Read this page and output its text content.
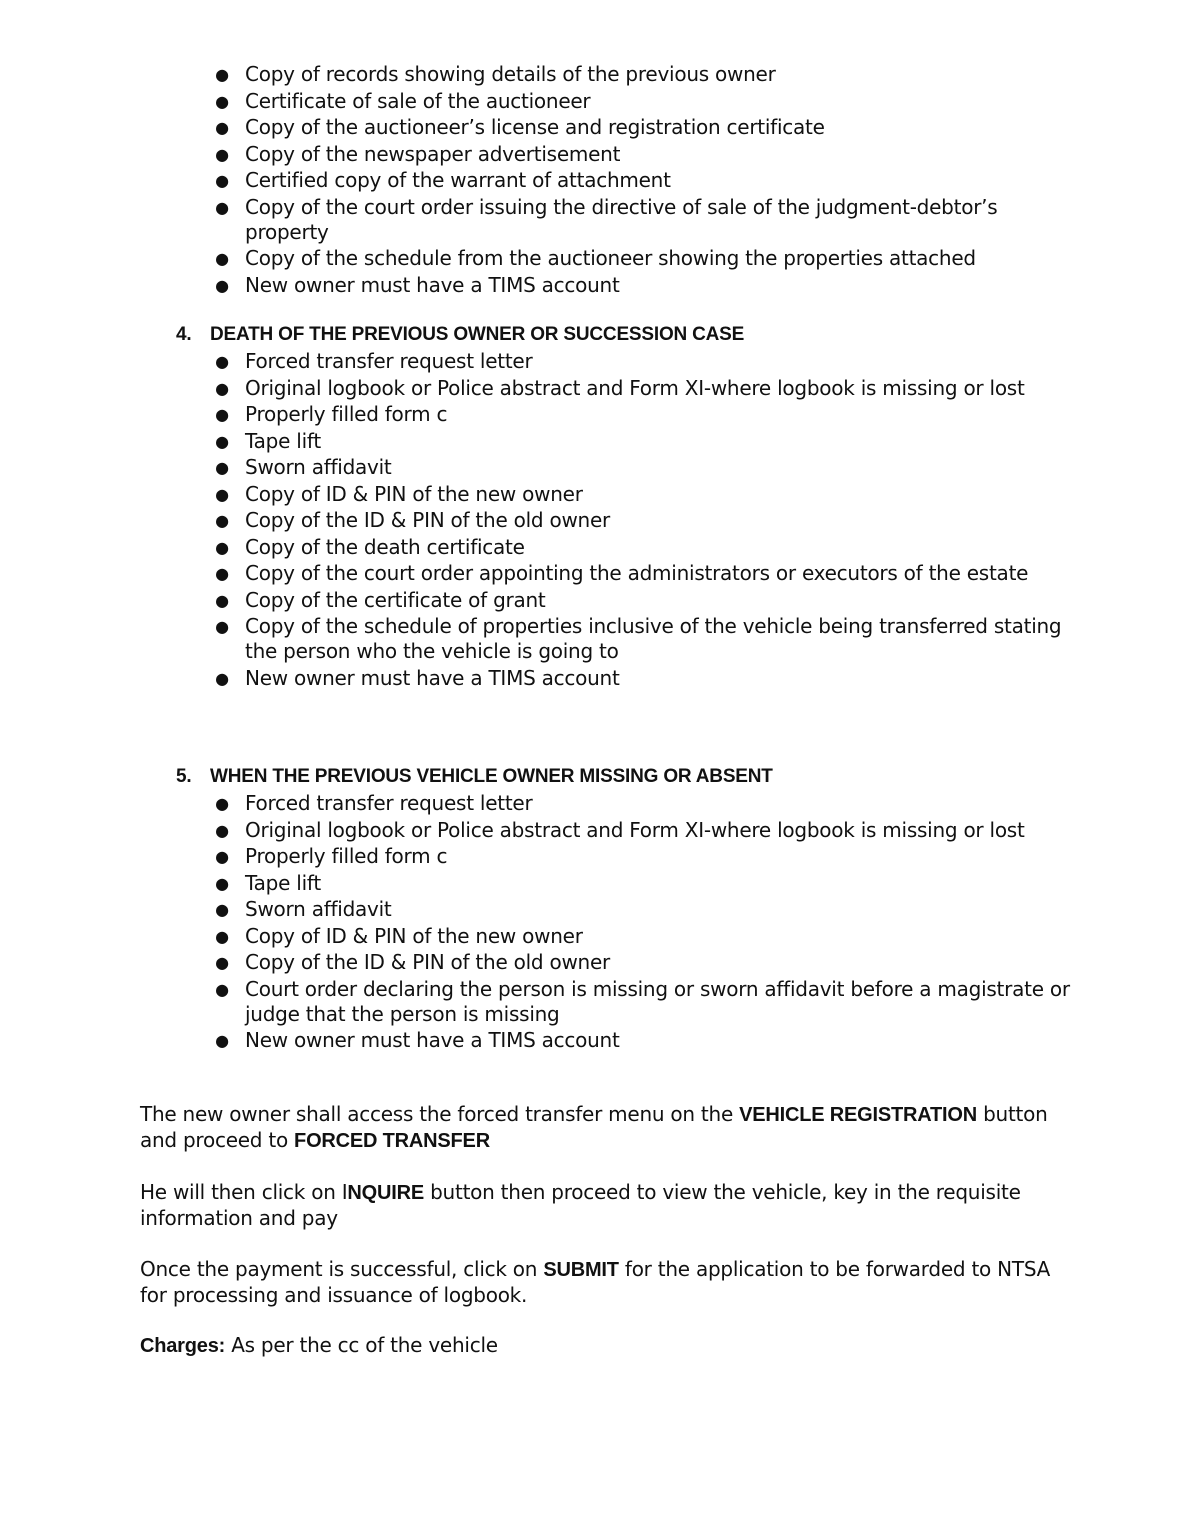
● Copy of records showing details of the previous owner
● Certificate of sale of the auctioneer
● Copy of the auctioneer’s license and registration certificate
● Copy of the newspaper advertisement
● Certified copy of the warrant of attachment
● Copy of the court order issuing the directive of sale of the judgment-debtor’s property
● Copy of the schedule from the auctioneer showing the properties attached
● New owner must have a TIMS account
4. DEATH OF THE PREVIOUS OWNER OR SUCCESSION CASE
● Forced transfer request letter
● Original logbook or Police abstract and Form XI-where logbook is missing or lost
● Properly filled form c
● Tape lift
● Sworn affidavit
● Copy of ID & PIN of the new owner
● Copy of the ID & PIN of the old owner
● Copy of the death certificate
● Copy of the court order appointing the administrators or executors of the estate
● Copy of the certificate of grant
● Copy of the schedule of properties inclusive of the vehicle being transferred stating the person who the vehicle is going to
● New owner must have a TIMS account
5. WHEN THE PREVIOUS VEHICLE OWNER MISSING OR ABSENT
● Forced transfer request letter
● Original logbook or Police abstract and Form XI-where logbook is missing or lost
● Properly filled form c
● Tape lift
● Sworn affidavit
● Copy of ID & PIN of the new owner
● Copy of the ID & PIN of the old owner
● Court order declaring the person is missing or sworn affidavit before a magistrate or judge that the person is missing
● New owner must have a TIMS account

The new owner shall access the forced transfer menu on the VEHICLE REGISTRATION button and proceed to FORCED TRANSFER

He will then click on INQUIRE button then proceed to view the vehicle, key in the requisite information and pay

Once the payment is successful, click on SUBMIT for the application to be forwarded to NTSA for processing and issuance of logbook.

Charges: As per the cc of the vehicle
